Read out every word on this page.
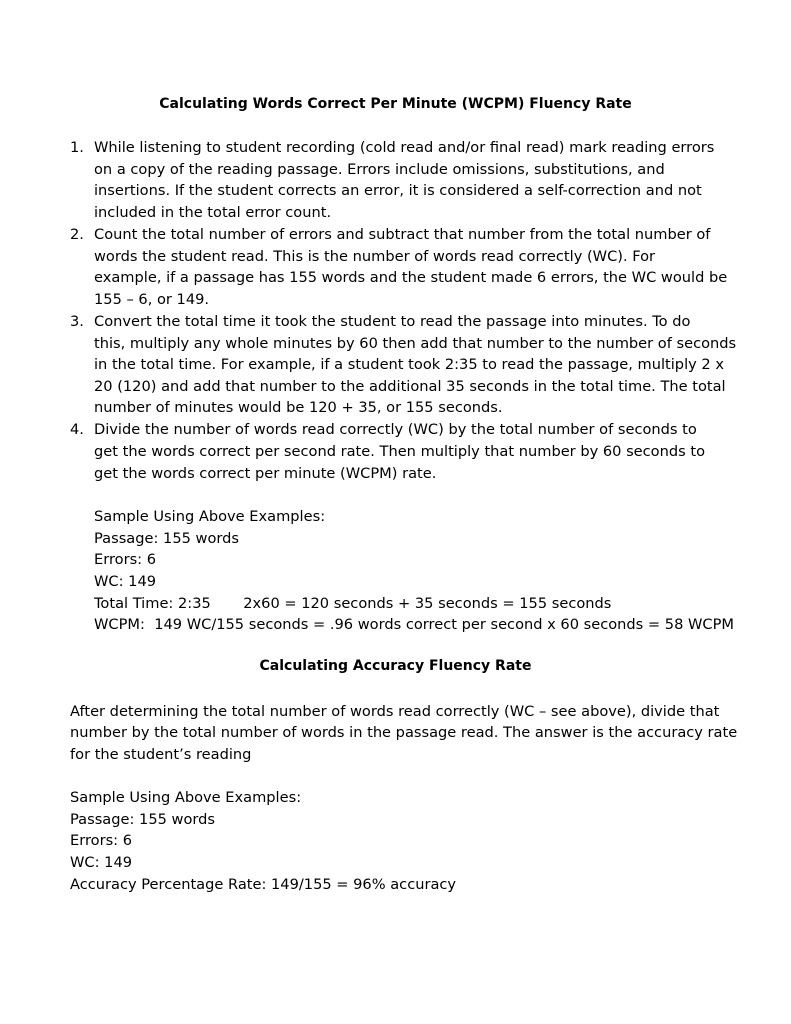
Calculating Words Correct Per Minute (WCPM) Fluency Rate
1. While listening to student recording (cold read and/or final read) mark reading errors
on a copy of the reading passage. Errors include omissions, substitutions, and
insertions. If the student corrects an error, it is considered a self-correction and not
included in the total error count.
2. Count the total number of errors and subtract that number from the total number of
words the student read. This is the number of words read correctly (WC). For
example, if a passage has 155 words and the student made 6 errors, the WC would be
155 – 6, or 149.
3. Convert the total time it took the student to read the passage into minutes. To do
this, multiply any whole minutes by 60 then add that number to the number of seconds
in the total time. For example, if a student took 2:35 to read the passage, multiply 2 x
20 (120) and add that number to the additional 35 seconds in the total time. The total
number of minutes would be 120 + 35, or 155 seconds.
4. Divide the number of words read correctly (WC) by the total number of seconds to
get the words correct per second rate. Then multiply that number by 60 seconds to
get the words correct per minute (WCPM) rate.
Sample Using Above Examples:
Passage: 155 words
Errors: 6
WC: 149
Total Time: 2:35       2x60 = 120 seconds + 35 seconds = 155 seconds
WCPM:  149 WC/155 seconds = .96 words correct per second x 60 seconds = 58 WCPM
Calculating Accuracy Fluency Rate
After determining the total number of words read correctly (WC – see above), divide that
number by the total number of words in the passage read. The answer is the accuracy rate
for the student’s reading
Sample Using Above Examples:
Passage: 155 words
Errors: 6
WC: 149
Accuracy Percentage Rate: 149/155 = 96% accuracy
